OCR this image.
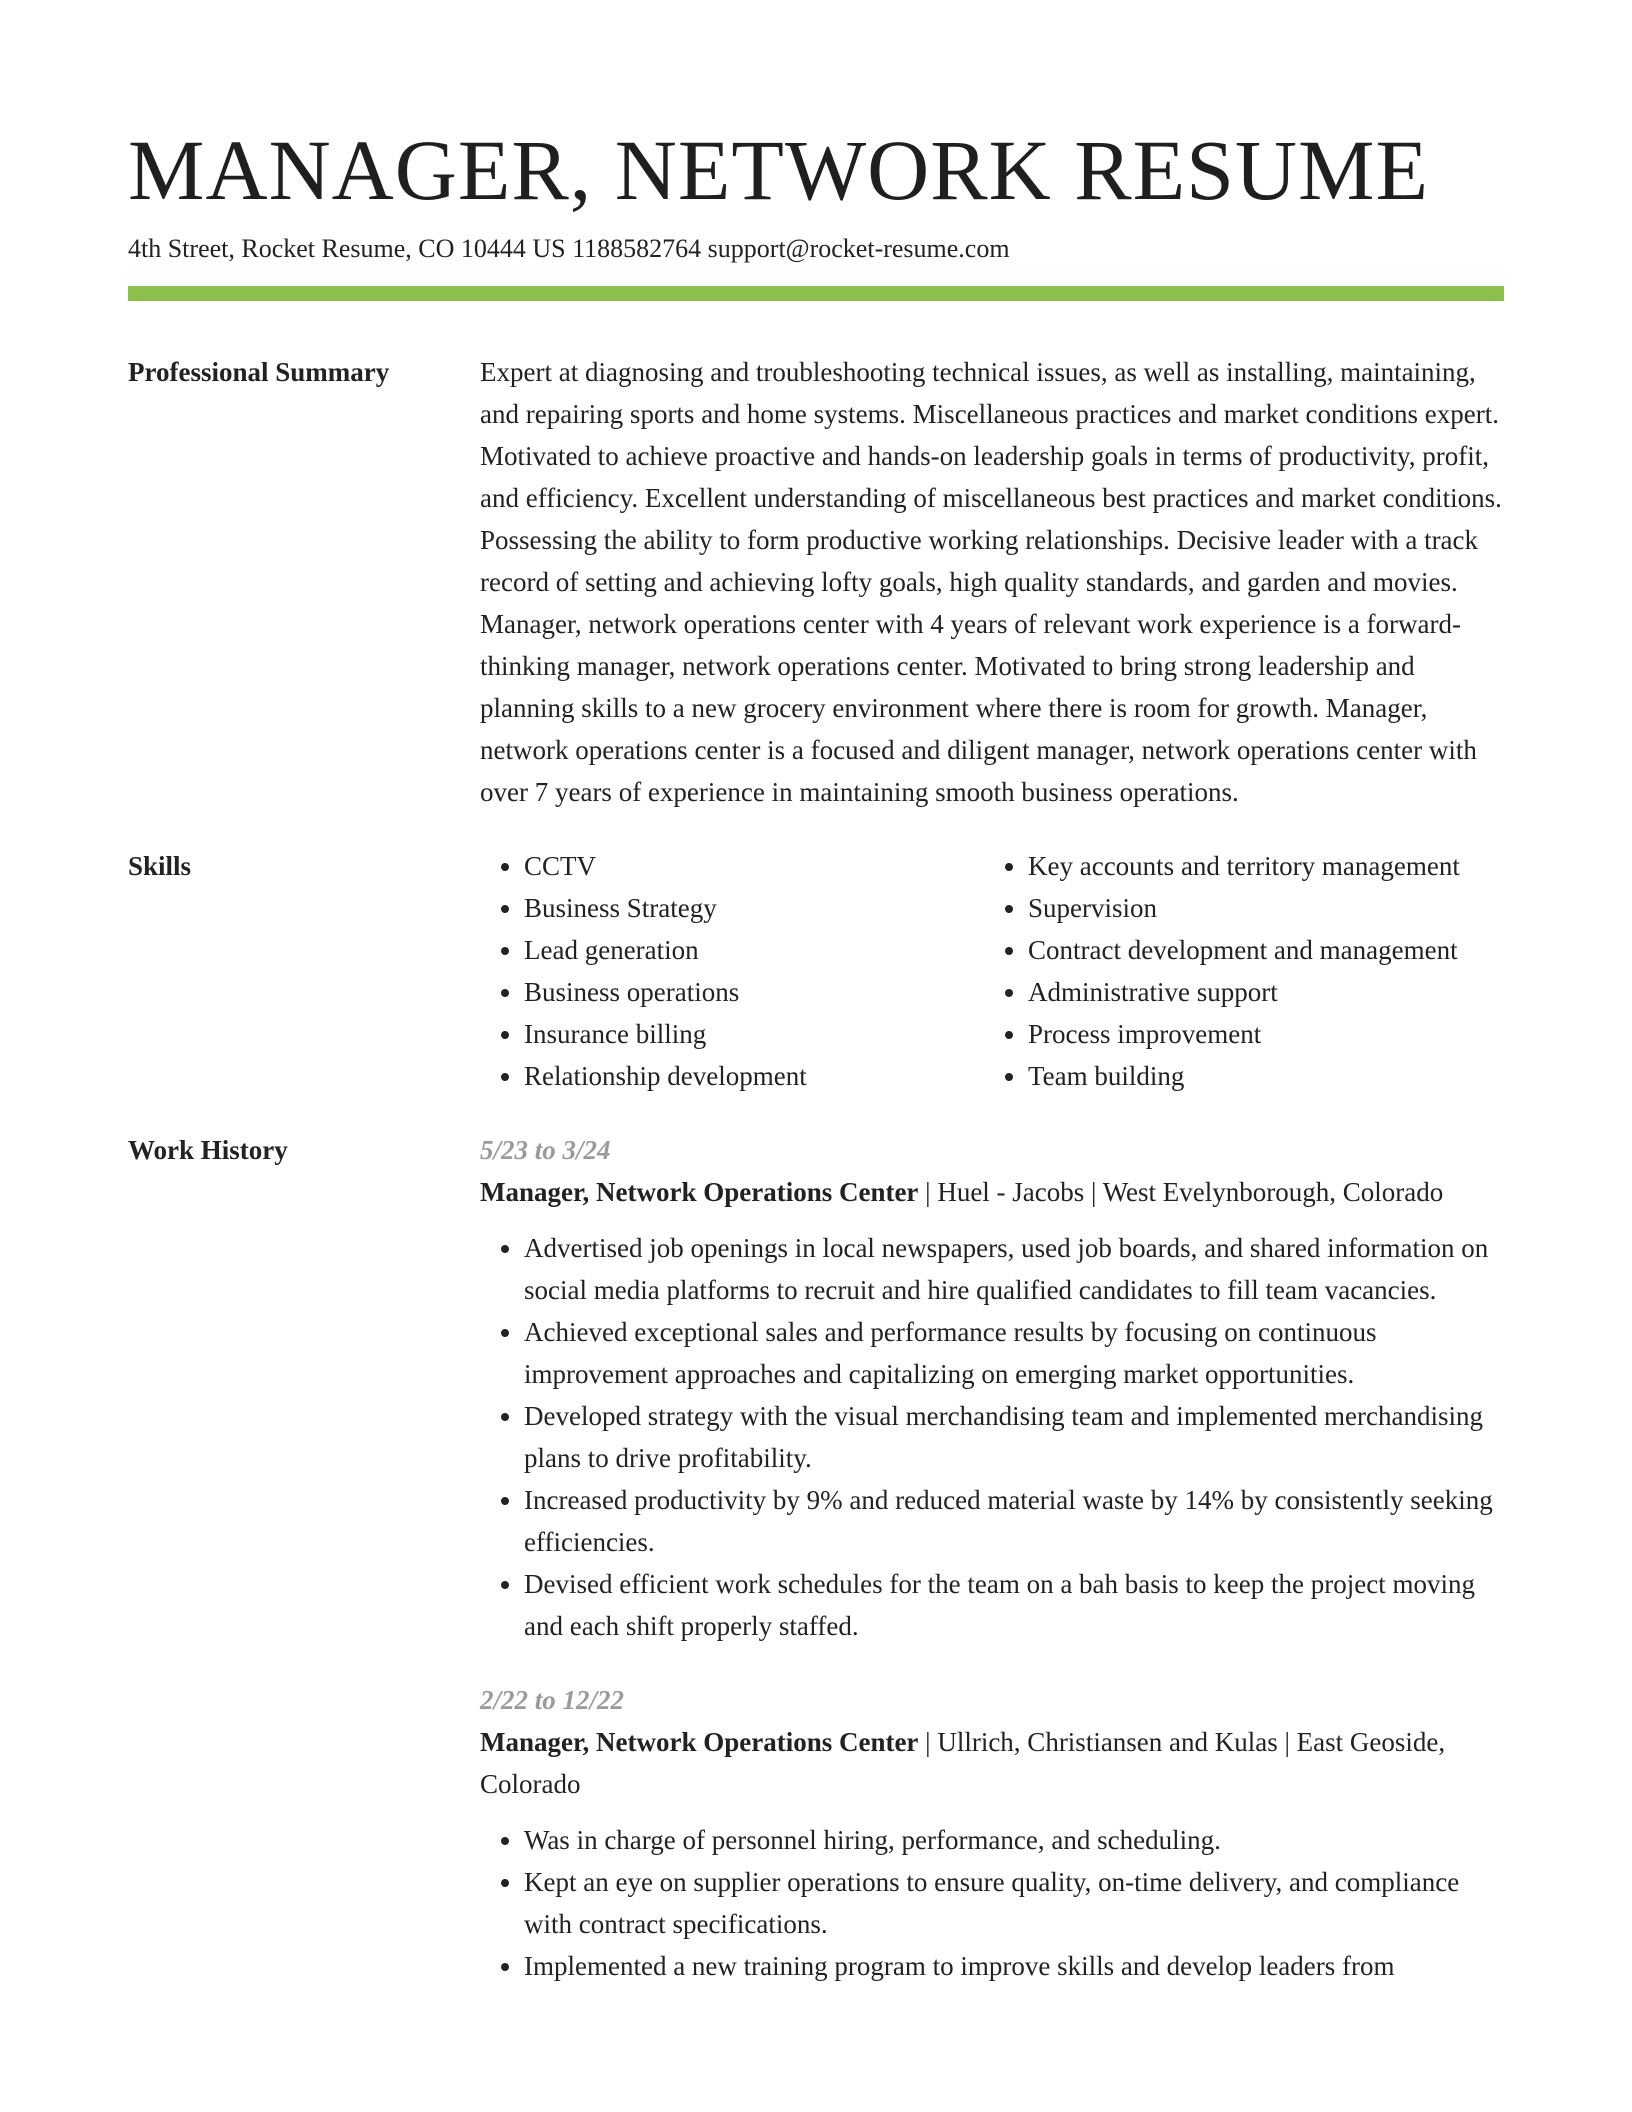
MANAGER, NETWORK RESUME
4th Street, Rocket Resume, CO 10444 US 1188582764 support@rocket-resume.com
Professional Summary	Expert at diagnosing and troubleshooting technical issues, as well as installing, maintaining, and repairing sports and home systems. Miscellaneous practices and market conditions expert. Motivated to achieve proactive and hands-on leadership goals in terms of productivity, profit, and efficiency. Excellent understanding of miscellaneous best practices and market conditions. Possessing the ability to form productive working relationships. Decisive leader with a track record of setting and achieving lofty goals, high quality standards, and garden and movies. Manager, network operations center with 4 years of relevant work experience is a forward-thinking manager, network operations center. Motivated to bring strong leadership and planning skills to a new grocery environment where there is room for growth. Manager, network operations center is a focused and diligent manager, network operations center with over 7 years of experience in maintaining smooth business operations.

Skills
•	CCTV
• Business Strategy
• Lead generation
• Business operations
• Insurance billing
• Relationship development
• Key accounts and territory management
• Supervision
• Contract development and management
• Administrative support
• Process improvement
• Team building
Work History	5/23 to 3/24

Manager, Network Operations Center | Huel - Jacobs | West Evelynborough, Colorado

• Advertised job openings in local newspapers, used job boards, and shared information on social media platforms to recruit and hire qualified candidates to fill team vacancies.
• Achieved exceptional sales and performance results by focusing on continuous improvement approaches and capitalizing on emerging market opportunities.
• Developed strategy with the visual merchandising team and implemented merchandising plans to drive profitability.
• Increased productivity by 9% and reduced material waste by 14% by consistently seeking efficiencies.
• Devised efficient work schedules for the team on a bah basis to keep the project moving and each shift properly staffed.
2/22 to 12/22

Manager, Network Operations Center | Ullrich, Christiansen and Kulas | East Geoside, Colorado

• Was in charge of personnel hiring, performance, and scheduling.
• Kept an eye on supplier operations to ensure quality, on-time delivery, and compliance with contract specifications.
• Implemented a new training program to improve skills and develop leaders from
